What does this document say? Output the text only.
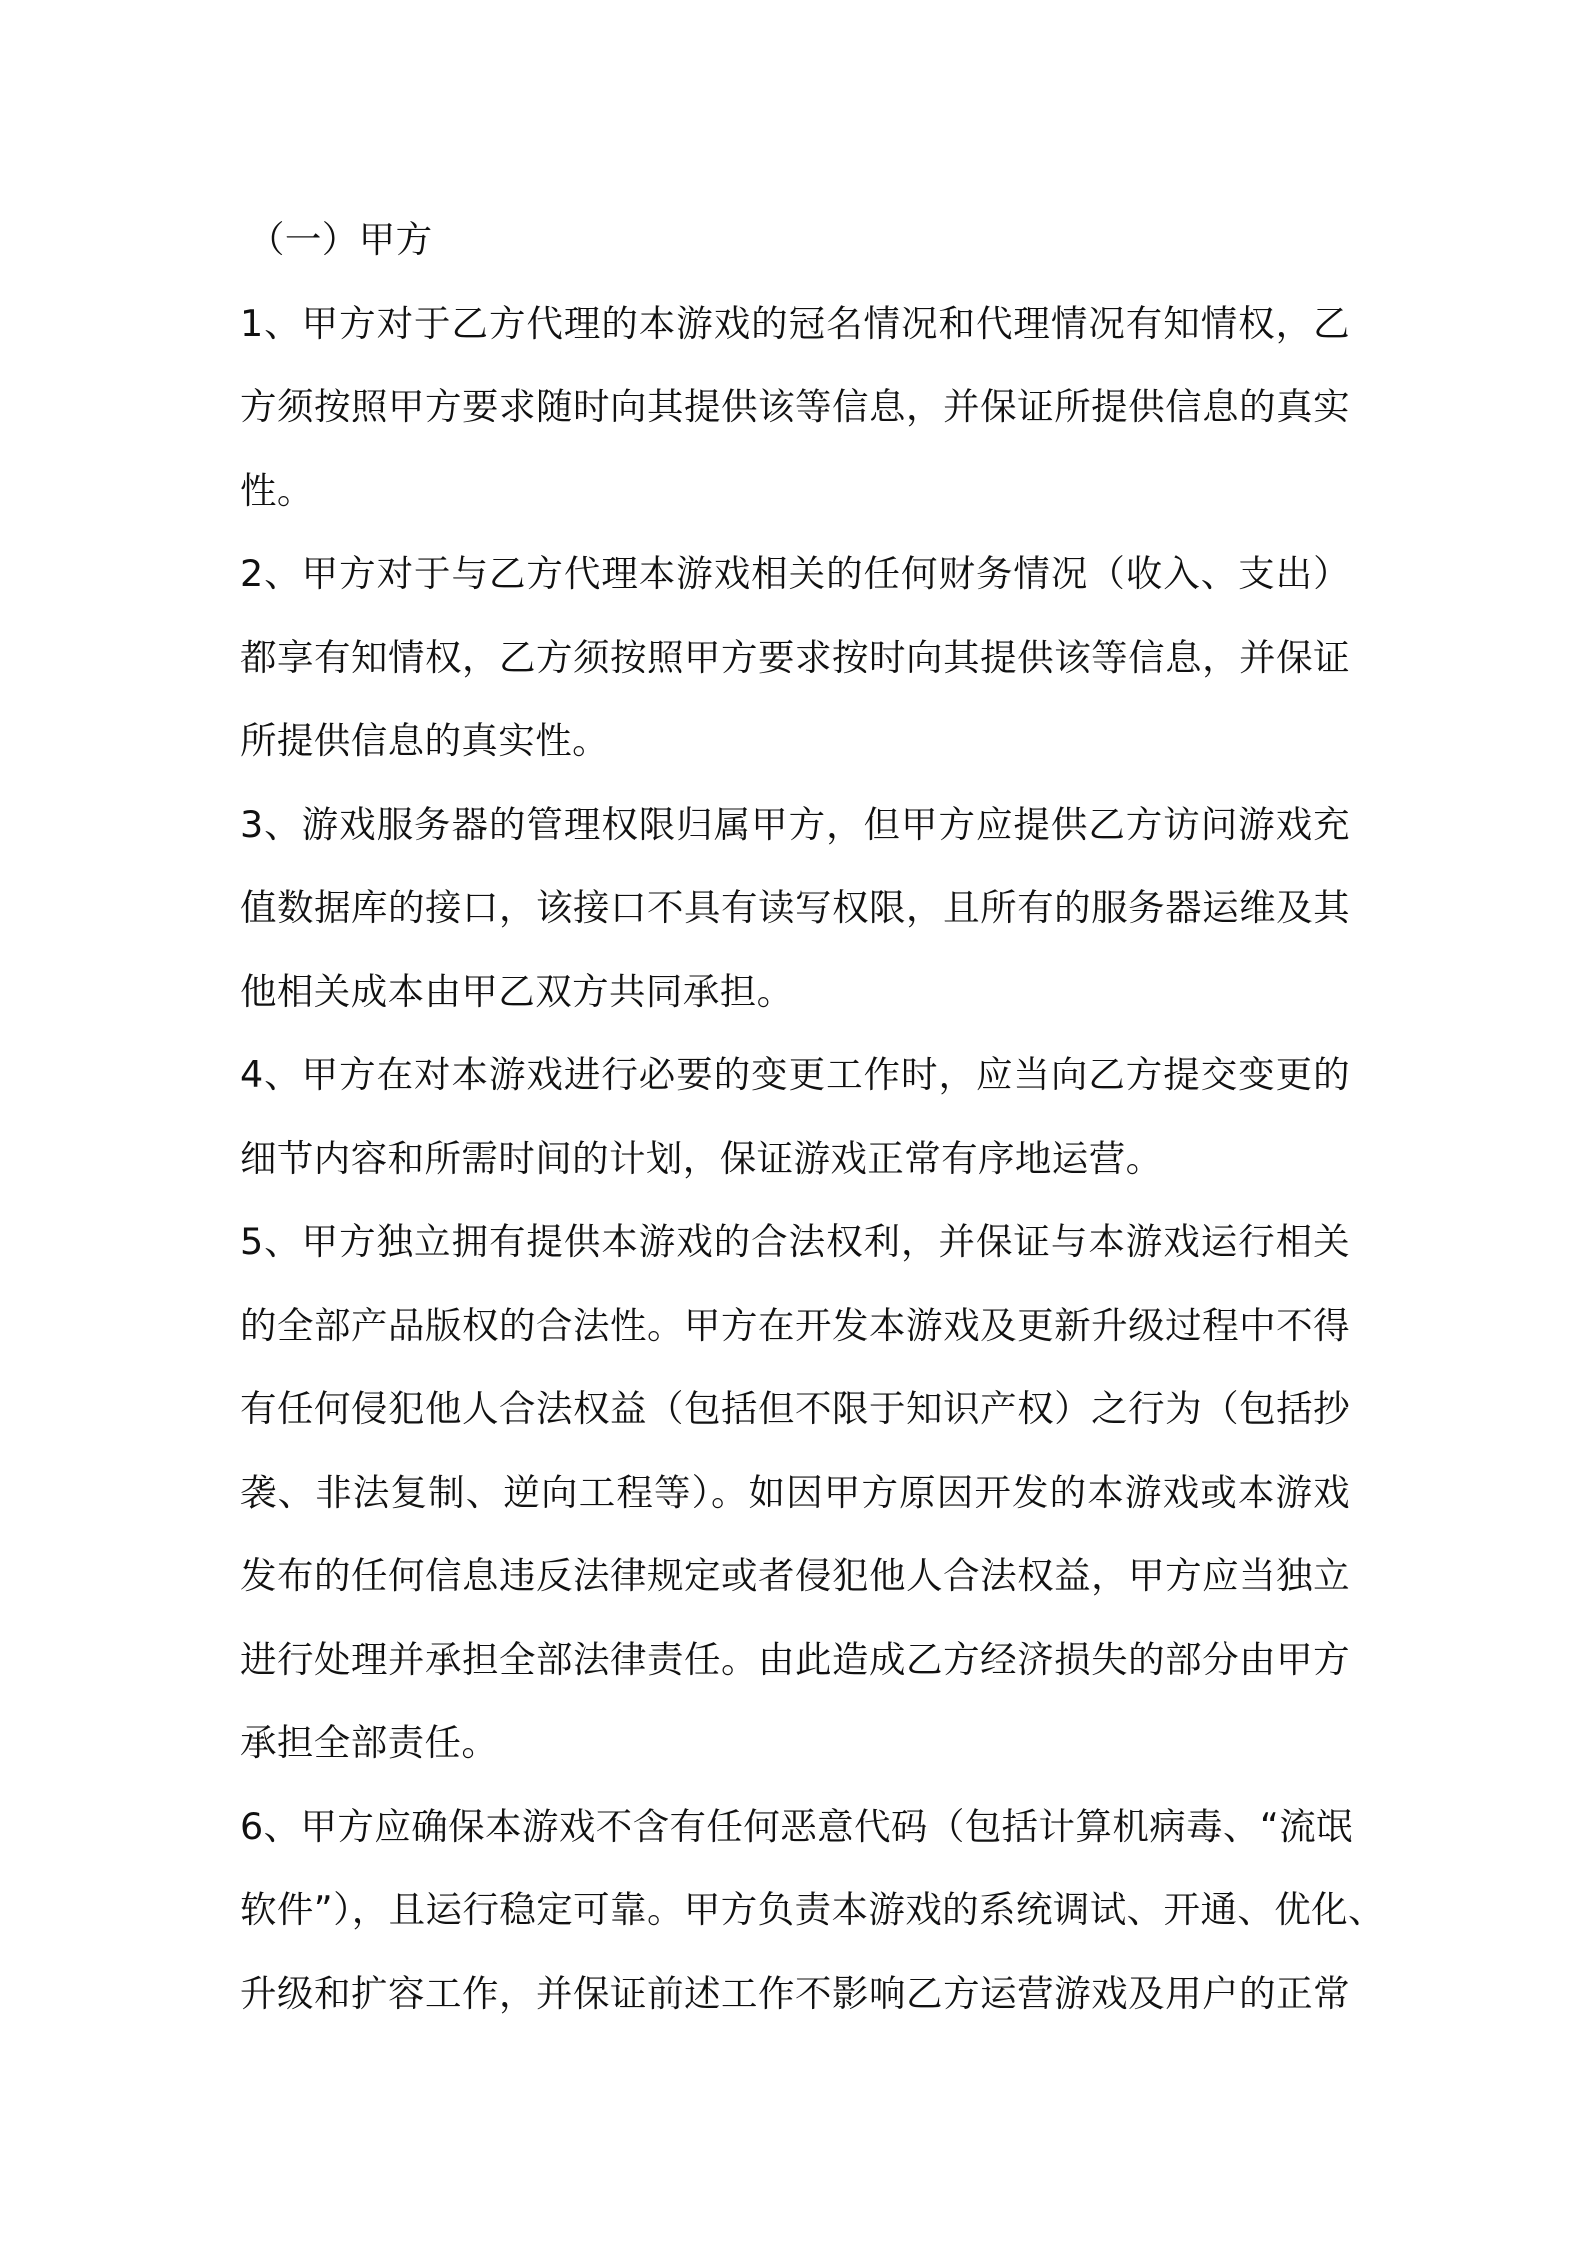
（一）甲方
1、甲方对于乙方代理的本游戏的冠名情况和代理情况有知情权，乙
方须按照甲方要求随时向其提供该等信息，并保证所提供信息的真实
性。
2、甲方对于与乙方代理本游戏相关的任何财务情况（收入、支出）
都享有知情权，乙方须按照甲方要求按时向其提供该等信息，并保证
所提供信息的真实性。
3、游戏服务器的管理权限归属甲方，但甲方应提供乙方访问游戏充
值数据库的接口，该接口不具有读写权限，且所有的服务器运维及其
他相关成本由甲乙双方共同承担。
4、甲方在对本游戏进行必要的变更工作时，应当向乙方提交变更的
细节内容和所需时间的计划，保证游戏正常有序地运营。
5、甲方独立拥有提供本游戏的合法权利，并保证与本游戏运行相关
的全部产品版权的合法性。甲方在开发本游戏及更新升级过程中不得
有任何侵犯他人合法权益（包括但不限于知识产权）之行为（包括抄
袭、非法复制、逆向工程等）。如因甲方原因开发的本游戏或本游戏
发布的任何信息违反法律规定或者侵犯他人合法权益，甲方应当独立
进行处理并承担全部法律责任。由此造成乙方经济损失的部分由甲方
承担全部责任。
6、甲方应确保本游戏不含有任何恶意代码（包括计算机病毒、“流氓
软件”），且运行稳定可靠。甲方负责本游戏的系统调试、开通、优化、
升级和扩容工作，并保证前述工作不影响乙方运营游戏及用户的正常
